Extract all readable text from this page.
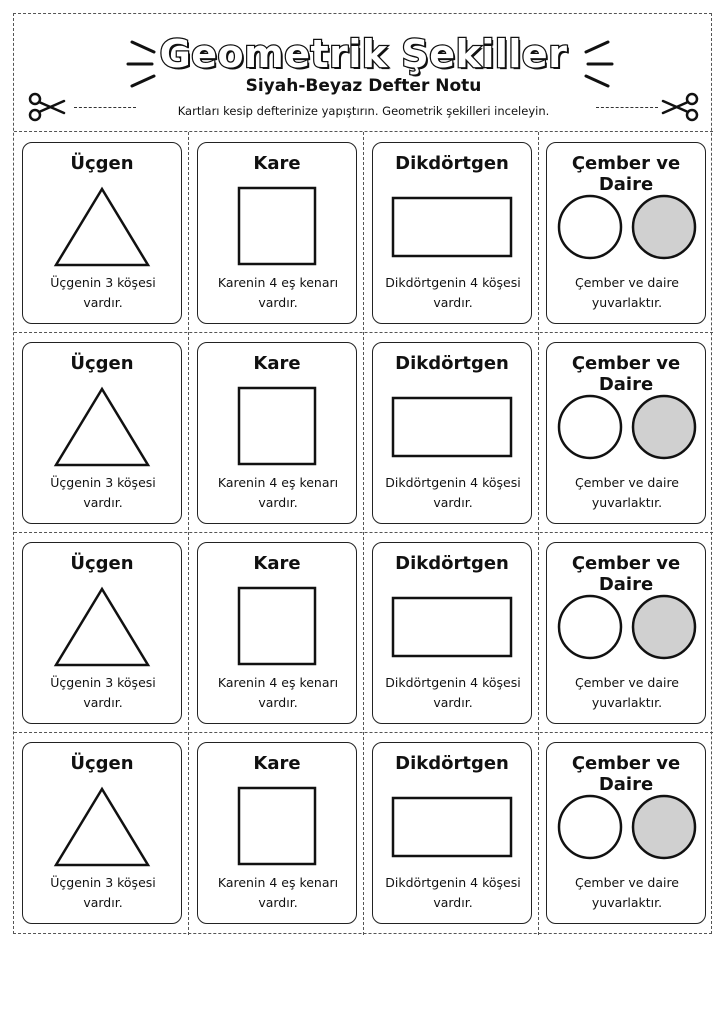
Geometrik Şekiller
Siyah-Beyaz Defter Notu
Kartları kesip defterinize yapıştırın. Geometrik şekilleri inceleyin.
Üçgen
Üçgenin 3 köşesi vardır.
Kare
Karenin 4 eş kenarı vardır.
Dikdörtgen
Dikdörtgenin 4 köşesi vardır.
Çember ve Daire
Çember ve daire yuvarlaktır.
Üçgen
Üçgenin 3 köşesi vardır.
Kare
Karenin 4 eş kenarı vardır.
Dikdörtgen
Dikdörtgenin 4 köşesi vardır.
Çember ve Daire
Çember ve daire yuvarlaktır.
Üçgen
Üçgenin 3 köşesi vardır.
Kare
Karenin 4 eş kenarı vardır.
Dikdörtgen
Dikdörtgenin 4 köşesi vardır.
Çember ve Daire
Çember ve daire yuvarlaktır.
Üçgen
Üçgenin 3 köşesi vardır.
Kare
Karenin 4 eş kenarı vardır.
Dikdörtgen
Dikdörtgenin 4 köşesi vardır.
Çember ve Daire
Çember ve daire yuvarlaktır.
